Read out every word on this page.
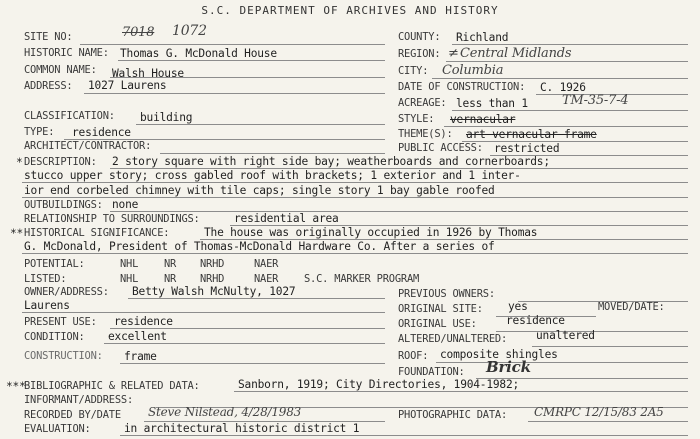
S.C. DEPARTMENT OF ARCHIVES AND HISTORY
SITE NO:	7018 1072	COUNTY: Richland
HISTORIC NAME: Thomas G. McDonald House	REGION: ≠ Central Midlands
COMMON NAME: Walsh House	CITY: Columbia
ADDRESS: 1027 Laurens	DATE OF CONSTRUCTION: C. 1926
ACREAGE: less than 1	TM-35-7-4
CLASSIFICATION: building	STYLE: vernacular
TYPE: residence	THEME(S): art vernacular frame
ARCHITECT/CONTRACTOR:	PUBLIC ACCESS: restricted
* DESCRIPTION: 2 story square with right side bay; weatherboards and cornerboards;
stucco upper story; cross gabled roof with brackets; 1 exterior and 1 inter-
ior end corbeled chimney with tile caps; single story 1 bay gable roofed
OUTBUILDINGS: none
RELATIONSHIP TO SURROUNDINGS:	residential area
** HISTORICAL SIGNIFICANCE:	The house was originally occupied in 1926 by Thomas
G. McDonald, President of Thomas-McDonald Hardware Co. After a series of
POTENTIAL:	NHL NR NRHD	NAER
LISTED:	NHL NR NRHD	NAER S.C. MARKER PROGRAM
OWNER/ADDRESS: Betty Walsh McNulty, 1027
Laurens
PREVIOUS OWNERS:
ORIGINAL SITE: yes	MOVED/DATE:
PRESENT USE: residence	ORIGINAL USE:	residence
CONDITION: excellent	ALTERED/UNALTERED:	unaltered
CONSTRUCTION: frame	ROOF: composite shingles
FOUNDATION: Brick
***
BIBLIOGRAPHIC & RELATED DATA:	Sanborn, 1919; City Directories, 1904-1982;
INFORMANT/ADDRESS:
RECORDED BY/DATE Steve Nilstead, 4/28/1983	PHOTOGRAPHIC DATA: CMRPC 12/15/83 2A5
EVALUATION:	in architectural historic district 1
